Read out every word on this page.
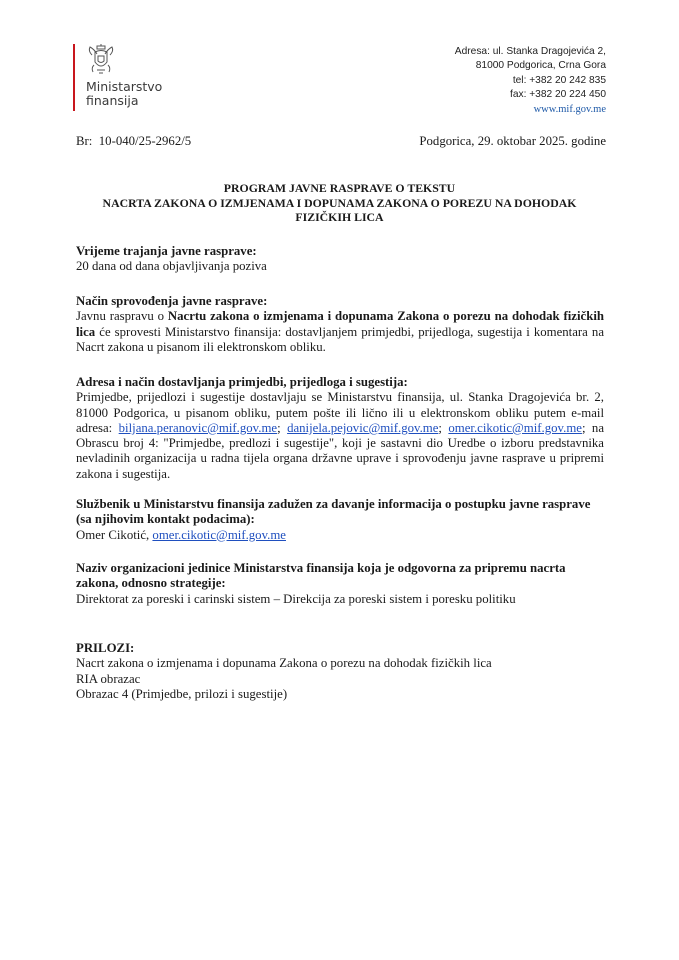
Ministarstvo
finansija
Adresa: ul. Stanka Dragojevića 2,
81000 Podgorica, Crna Gora
tel: +382 20 242 835
fax: +382 20 224 450
www.mif.gov.me
Br: 10-040/25-2962/5	Podgorica, 29. oktobar 2025. godine
PROGRAM JAVNE RASPRAVE O TEKSTU
NACRTA ZAKONA O IZMJENAMA I DOPUNAMA ZAKONA O POREZU NA DOHODAK FIZIČKIH LICA
Vrijeme trajanja javne rasprave:
20 dana od dana objavljivanja poziva
Način sprovođenja javne rasprave:
Javnu raspravu o Nacrtu zakona o izmjenama i dopunama Zakona o porezu na dohodak fizičkih lica će sprovesti Ministarstvo finansija: dostavljanjem primjedbi, prijedloga, sugestija i komentara na Nacrt zakona u pisanom ili elektronskom obliku.
Adresa i način dostavljanja primjedbi, prijedloga i sugestija:
Primjedbe, prijedlozi i sugestije dostavljaju se Ministarstvu finansija, ul. Stanka Dragojevića br. 2, 81000 Podgorica, u pisanom obliku, putem pošte ili lično ili u elektronskom obliku putem e-mail adresa: biljana.peranovic@mif.gov.me; danijela.pejovic@mif.gov.me; omer.cikotic@mif.gov.me; na Obrascu broj 4: "Primjedbe, predlozi i sugestije", koji je sastavni dio Uredbe o izboru predstavnika nevladinih organizacija u radna tijela organa državne uprave i sprovođenju javne rasprave u pripremi zakona i sugestija.
Službenik u Ministarstvu finansija zadužen za davanje informacija o postupku javne rasprave (sa njihovim kontakt podacima):
Omer Cikotić, omer.cikotic@mif.gov.me
Naziv organizacioni jedinice Ministarstva finansija koja je odgovorna za pripremu nacrta zakona, odnosno strategije:
Direktorat za poreski i carinski sistem – Direkcija za poreski sistem i poresku politiku
PRILOZI:
Nacrt zakona o izmjenama i dopunama Zakona o porezu na dohodak fizičkih lica
RIA obrazac
Obrazac 4 (Primjedbe, prilozi i sugestije)
